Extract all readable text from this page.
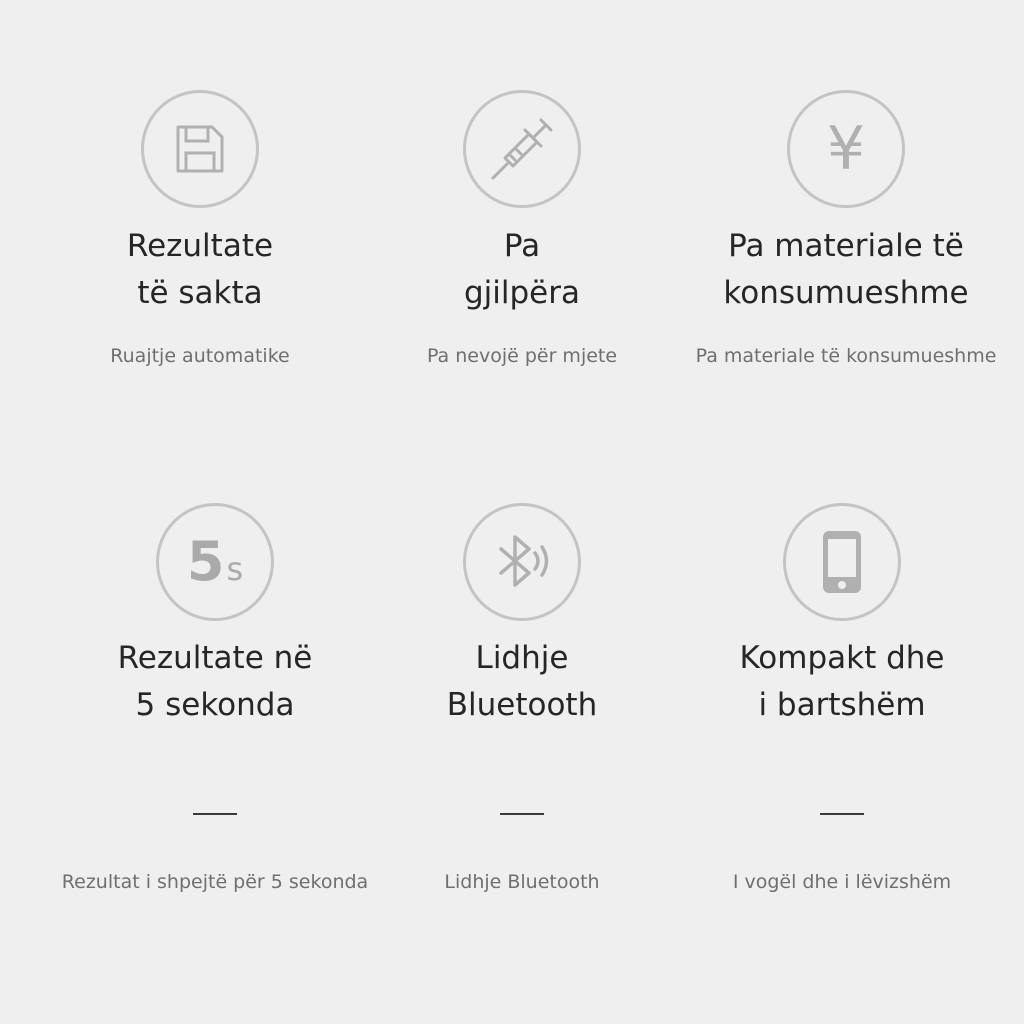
Rezultate
të sakta
Ruajtje automatike
Pa
gjilpëra
Pa nevojë për mjete
¥
Pa materiale të
konsumueshme
Pa materiale të konsumueshme
5 s
Rezultate në
5 sekonda
Rezultat i shpejtë për 5 sekonda
Lidhje
Bluetooth
Lidhje Bluetooth
Kompakt dhe
i bartshëm
I vogël dhe i lëvizshëm
